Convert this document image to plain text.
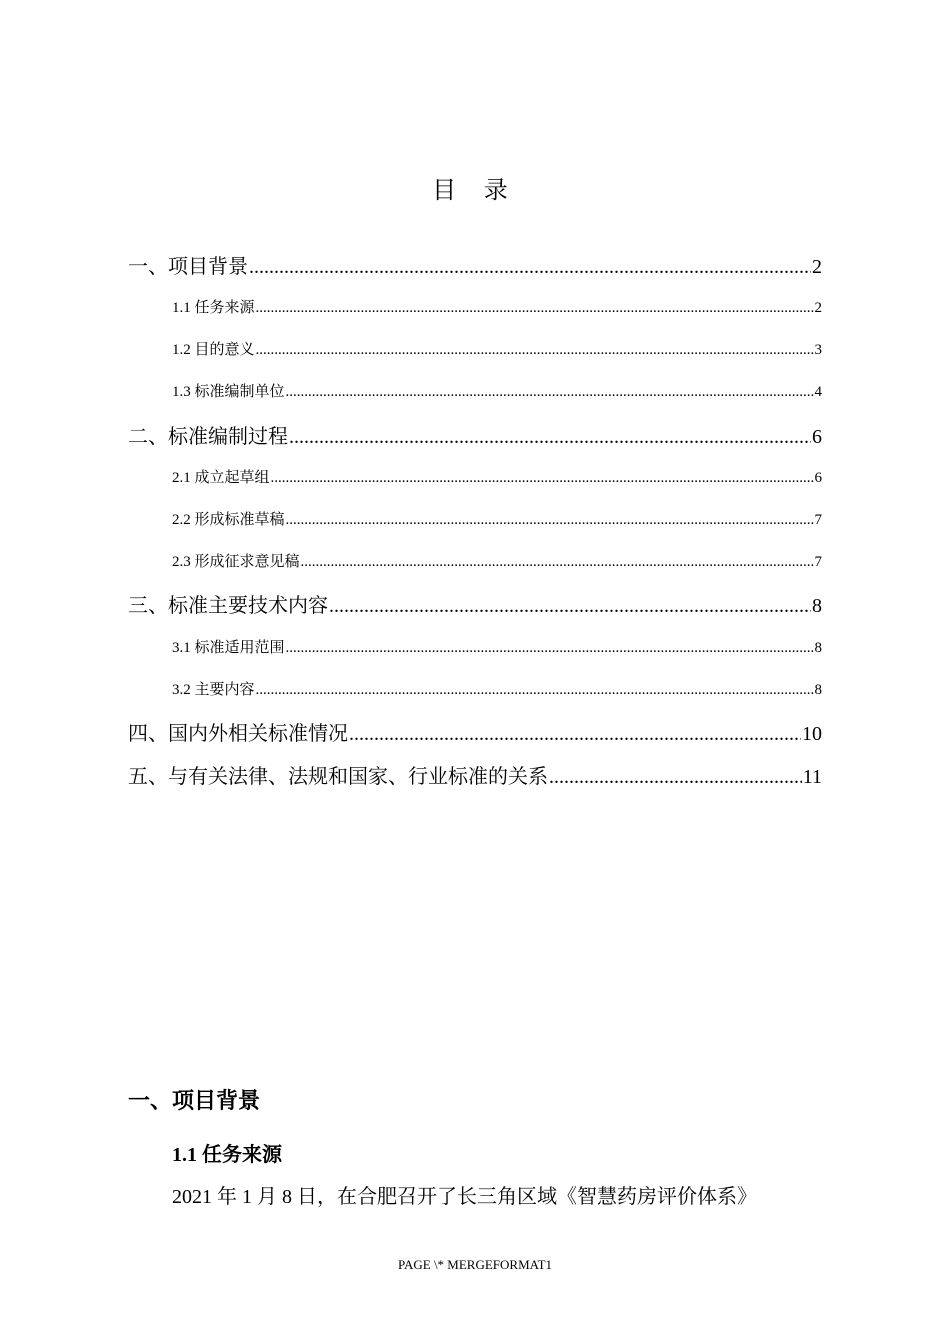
目 录
一、项目背景 .....	2
1.1 任务来源 .....	2
1.2 目的意义 .....	3
1.3 标准编制单位 .....	4
二、标准编制过程 .....	6
2.1 成立起草组 .....	6
2.2 形成标准草稿 .....	7
2.3 形成征求意见稿 .....	7
三、标准主要技术内容 .....	8
3.1 标准适用范围 .....	8
3.2 主要内容 .....	8
四、国内外相关标准情况 .....	10
五、与有关法律、法规和国家、行业标准的关系 .....	11
一、项目背景
1.1 任务来源
2021 年 1 月 8 日，在合肥召开了长三角区域《智慧药房评价体系》
PAGE \* MERGEFORMAT1
